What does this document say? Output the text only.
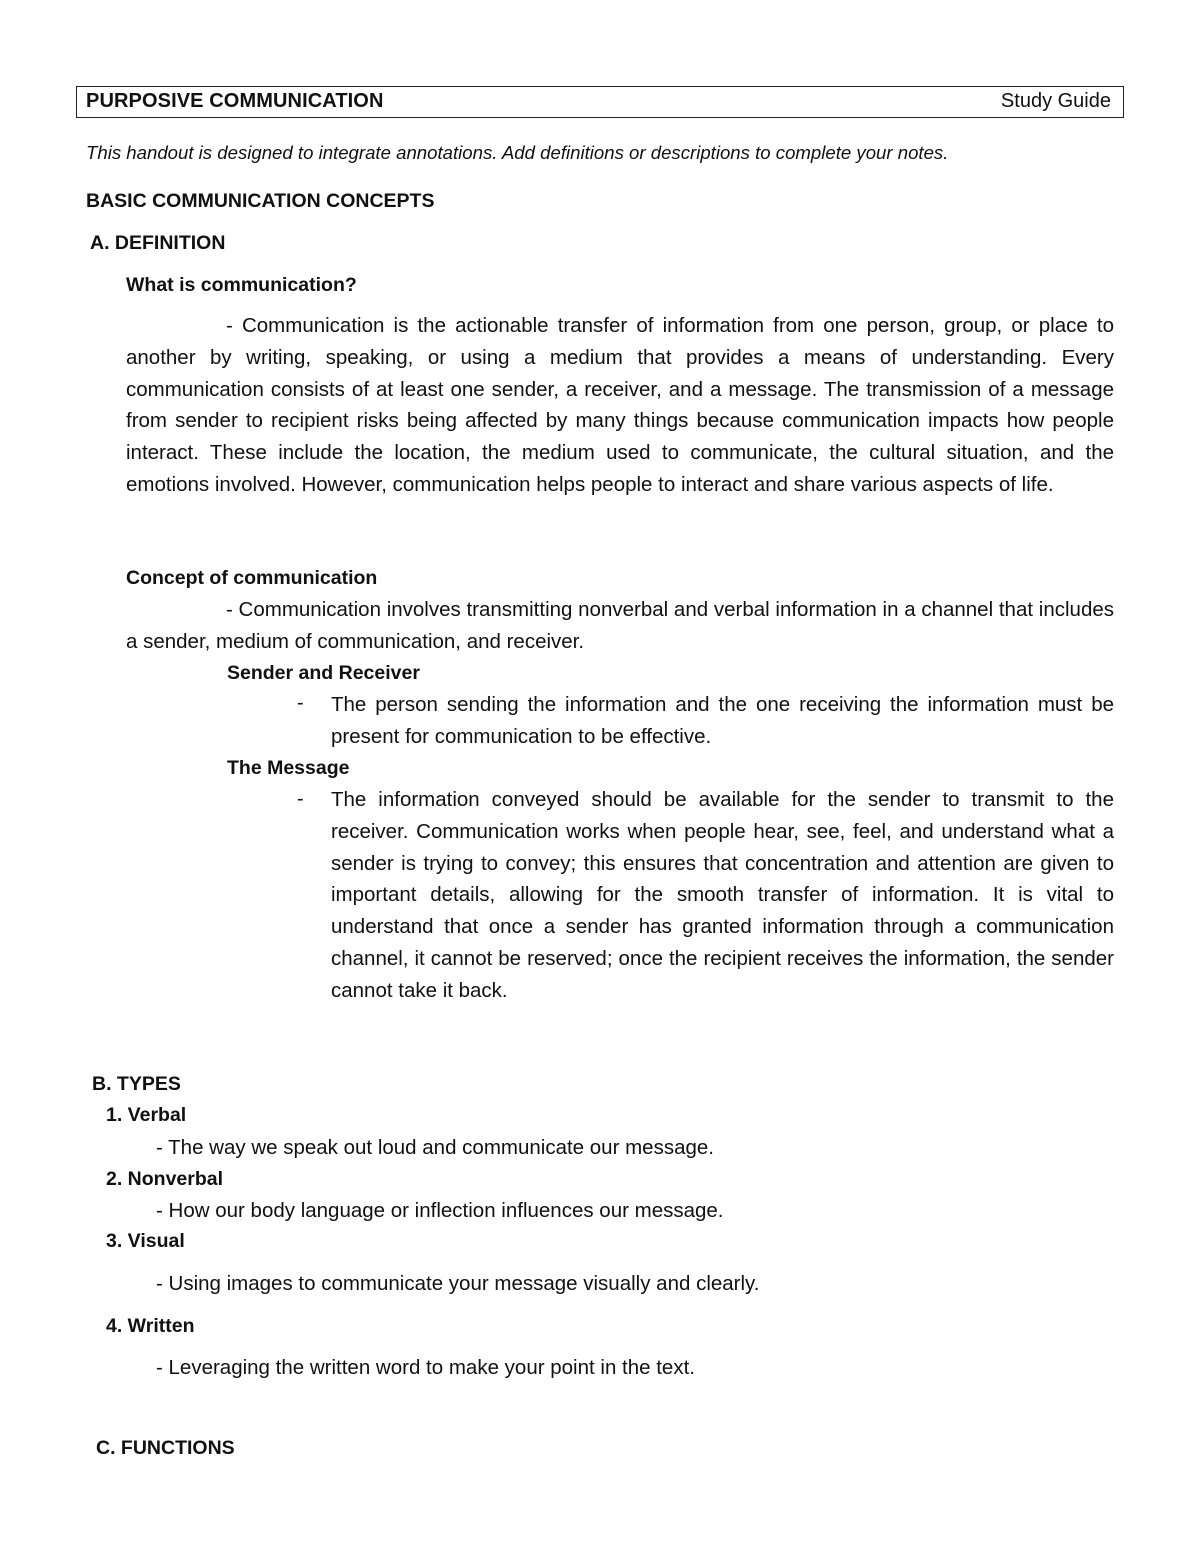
PURPOSIVE COMMUNICATION	Study Guide
This handout is designed to integrate annotations. Add definitions or descriptions to complete your notes.
BASIC COMMUNICATION CONCEPTS
A. DEFINITION
What is communication?
- Communication is the actionable transfer of information from one person, group, or place to another by writing, speaking, or using a medium that provides a means of understanding. Every communication consists of at least one sender, a receiver, and a message. The transmission of a message from sender to recipient risks being affected by many things because communication impacts how people interact. These include the location, the medium used to communicate, the cultural situation, and the emotions involved. However, communication helps people to interact and share various aspects of life.
Concept of communication
- Communication involves transmitting nonverbal and verbal information in a channel that includes a sender, medium of communication, and receiver.
Sender and Receiver
- The person sending the information and the one receiving the information must be present for communication to be effective.
The Message
- The information conveyed should be available for the sender to transmit to the receiver. Communication works when people hear, see, feel, and understand what a sender is trying to convey; this ensures that concentration and attention are given to important details, allowing for the smooth transfer of information. It is vital to understand that once a sender has granted information through a communication channel, it cannot be reserved; once the recipient receives the information, the sender cannot take it back.
B. TYPES
1. Verbal
- The way we speak out loud and communicate our message.
2. Nonverbal
- How our body language or inflection influences our message.
3. Visual
- Using images to communicate your message visually and clearly.
4. Written
- Leveraging the written word to make your point in the text.
C. FUNCTIONS
